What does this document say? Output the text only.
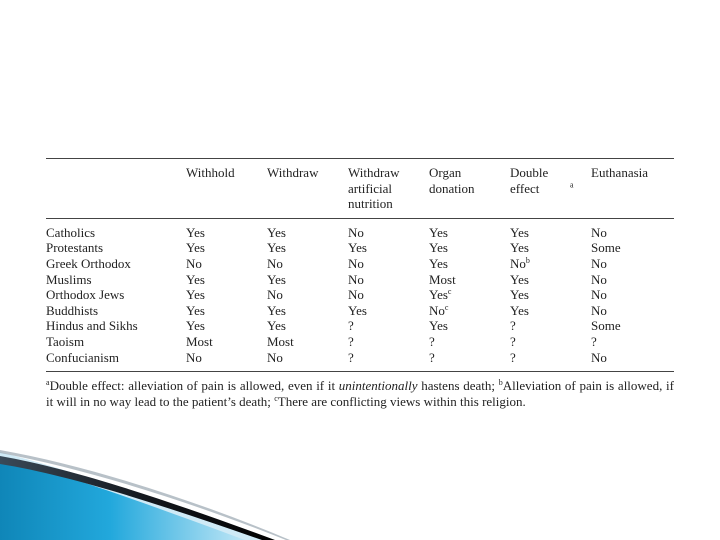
	Withhold	Withdraw	Withdraw artificial nutrition	Organ donation	Double effect $^a$	Euthanasia
Catholics	Yes	Yes	No	Yes	Yes	No
Protestants	Yes	Yes	Yes	Yes	Yes	Some
Greek Orthodox	No	No	No	Yes	No$^b$	No
Muslims	Yes	Yes	No	Most	Yes	No
Orthodox Jews	Yes	No	No	Yes$^c$	Yes	No
Buddhists	Yes	Yes	Yes	No$^c$	Yes	No
Hindus and Sikhs	Yes	Yes	?	Yes	?	Some
Taoism	Most	Most	?	?	?	?
Confucianism	No	No	?	?	?	No
$^a$Double effect: alleviation of pain is allowed, even if it unintentionally hastens death; $^b$Alleviation of pain is allowed, if it will in no way lead to the patient’s death; $^c$There are conflicting views within this religion.
